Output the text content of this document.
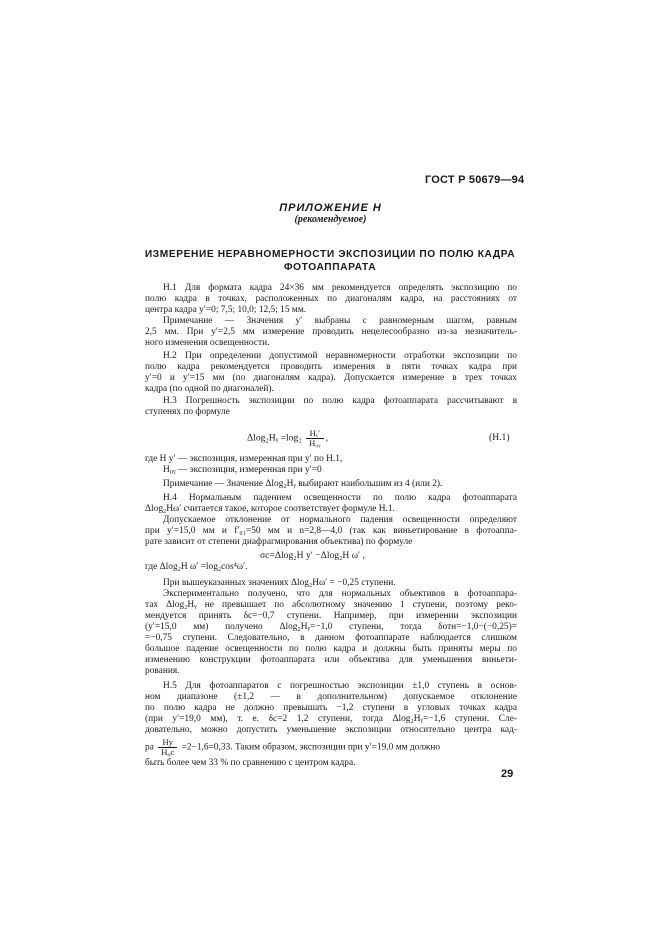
ГОСТ Р 50679—94
ПРИЛОЖЕНИЕ Н
(рекомендуемое)
ИЗМЕРЕНИЕ НЕРАВНОМЕРНОСТИ ЭКСПОЗИЦИИ ПО ПОЛЮ КАДРА
ФОТОАППАРАТА
Н.1 Для формата кадра 24×36 мм рекомендуется определять экспозицию по
полю кадра в точках, расположенных по диагоналям кадра, на расстояниях от
центра кадра y′=0; 7,5; 10,0; 12,5; 15 мм.
Примечание — Значения y′ выбраны с равномерным шагом, равным
2,5 мм. При y′=2,5 мм измерение проводить нецелесообразно из-за незначитель-
ного изменения освещенности.
Н.2 При определении допустимой неравномерности отработки экспозиции по
полю кадра рекомендуется проводить измерения в пяти точках кадра при
y′=0 и y′=15 мм (по диагоналям кадра). Допускается измерение в трех точках
кадра (по одной по диагоналей).
Н.3 Погрешность экспозиции по полю кадра фотоаппарата рассчитывают в
ступенях по формуле
Δlog₂Hᵧ $=\log_2 \frac{\text{Hᵧ′}}{\text{H₀ᵧ}}$ ,	(Н.1)
где H y′ — экспозиция, измеренная при y′ по Н.1,
H₀ᵧ — экспозиция, измеренная при y′=0
Примечание — Значение Δlog₂Hᵧ выбирают наибольшим из 4 (или 2).
Н.4 Нормальным падением освещенности по полю кадра фотоаппарата
Δlog₂Hω′ считается такое, которое соответствует формуле Н.1.
Допускаемое отклонение от нормального падения освещенности определяют
при y′=15,0 мм и f′₀₁=50 мм и n=2,8—4,0 (так как виньетирование в фотоаппа-
рате зависит от степени диафрагмирования объектива) по формуле
σc=Δlog₂H y′ −Δlog₂H ω′ ,
где Δlog₂H ω′ =log₂cos⁴ω′.
При вышеуказанных значениях Δlog₂Hω′ = −0,25 ступени.
Экспериментально получено, что для нормальных объективов в фотоаппара-
тах Δlog₂Hᵧ не превышает по абсолютному значению 1 ступени, поэтому реко-
мендуется принять δc=−0,7 ступени. Например, при измерении экспозиции
(y′=15,0 мм) получено Δlog₂Hᵧ=−1,0 ступени, тогда δотн=−1,0−(−0,25)=
=−0,75 ступени. Следовательно, в данном фотоаппарате наблюдается слишком
большое падение освещенности по полю кадра и должны быть приняты меры по
изменению конструкции фотоаппарата или объектива для уменьшения виньети-
рования.
Н.5 Для фотоаппаратов с погрешностью экспозиции ±1,0 ступень в основ-
ном диапазоне (±1,2 — в дополнительном) допускаемое отклонение
по полю кадра не должно превышать −1,2 ступени в угловых точках кадра
(при y′=19,0 мм), т. е. δc=2 1,2 ступени, тогда Δlog₂Hᵧ=−1,6 ступени. Сле-
довательно, можно допустить уменьшение экспозиции относительно центра кад-
ра $\frac{Hy}{\text{H₀c}} =2-1,6=0,33$. Таким образом, экспозиции при y′=19,0 мм должно
быть более чем 33 % по сравнению с центром кадра.
29
